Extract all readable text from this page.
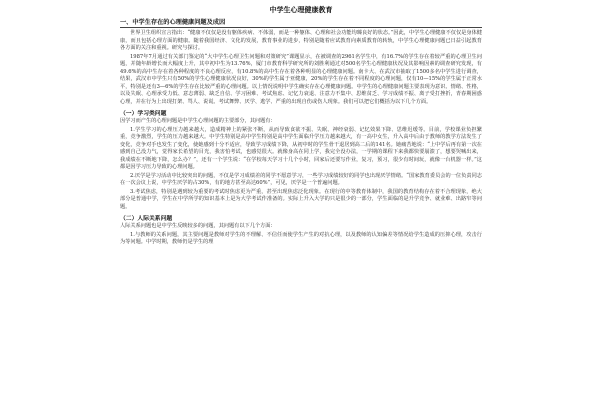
中学生心理健康教育
一、中学生存在的心理健康问题及成因

世界卫生组织宣言指出：“健康不仅仅是没有躯体疾病、不体弱，而是一种躯体、心理和社会功能均臻良好的状态。”因此，中学生心理健康不仅仅是身体健康，而且包括心理方面的健康。随着我国经济、文化的发展，教育事业的进步，特别是随着应试教育向素质教育的转轨，中学生心理健康问题已日益引起教育各方面的关注和重视。研究与探讨。

1987年7月通过有关部门鉴定的“大中学生心理卫生问题和对策研究”课题显示，在被调查的2961名学生中，有16.7%的学生存在着较严重的心理卫生问题，并随年龄增长而大幅度上升，其中初中生为13.76%，厦门市教育科学研究所的刘胜利通过对500名学生心理健康状况及其影响因素的调查研究发现，有49.6%的高中生存在着各种程度的不良心理反应，有10.8%的高中生存在着各种明显的心理健康问题。南卡大、在武汉市抽取了1500多名中学生进行调查，结果，武汉市中学生只有50%的学生心理健康状况良好，30%的学生属于亚健康，20%的学生存在着不同程度的心理问题，仅有10—15%的学生属于正常水平，特别是还有3—6%的学生存在比较严重的心理问题。以上情况说明中学生确实存在心理健康问题。中学生的心理健康问题主要表现为意识、情绪、性格，以及失眠、心理承受力低、意志薄弱、缺乏自信、学习困难、考试焦虑、记忆力衰退、注意力不集中、思维贫乏、学习成绩不振、离子受打挫折，青春期困惑心理，并在行为上出现打架、骂人、说谎、考试舞弊、厌学、逃学、严重的出现自伤或伤人现象。我们可以把它们概括为以下几个方面。

（一）学习类问题

因学习而产生的心理问题是中学生心理问题的主要部分，其问题有：

1.学生学习的心理压力越来越大，造成精神上的紧张不断，从而导致食欲不振、失眠、神经衰弱、记忆效果下降、思维迟缓等。目前，学校课业负担繁重，竞争激烈，学生的压力越来越大。中学生特别是高中学生特别是高中学生面临升学压力越来越大，有一高中女生，升入高中后由于教师的教学方法发生了变化，竞争对手也发生了变化，使她感到十分不适应，导致学习成绩下降，从初中时的学生骨干退居到高二后的141名。她痛苦地说：“上中学后再有第一次在感到自己没力气，觉得家长希望的目光，我害怕考试，也感觉很大。就像身高在同上学，我完全没办法，一学期的课程下来我都快要崩溃了，想要哭喊出来，我成绩在不断地下降，怎么办？”，还有一个学生说：“在学校每天学习十几个小时，回家后还要写作业，复习，预习，很少有时间玩，就像一台机器一样。”这都是因学习压力导致的心理问题。

2.厌学是学习活动中比较突出的问题，不仅是学习成绩差的同学不愿意学习，一些学习成绩较好的同学也出现厌学情绪。“国家教育委员会的一位负责同志在一次会议上说，中学生厌学的占30%，有的地方甚至高达60%”，可见，厌学是一个普遍问题。

3.考试焦虑，特别是遇到较为重要的考试时焦虑更为严重，甚至出现焦虑泛化现象。在现行的中等教育体制中，我国的教育结构存在着不合理现象，绝大部分是普通中学，学生在中学所学的知识基本上是为大学考试作准备的。实际上升入大学的只是很少的一部分，学生面临的是升学竞争、就业难、出路窄等问题。

（二）人际关系问题

人际关系问题也是中学生反映较多的问题，其问题有以下几个方面：

1.与教师的关系问题，其主要问题是教师对学生的不理解、不信任而使学生产生的对抗心理，以及教师的认知偏差等情况给学生造成的压抑心理，攻击行为等问题。中学时期，教师仍是学生的理
